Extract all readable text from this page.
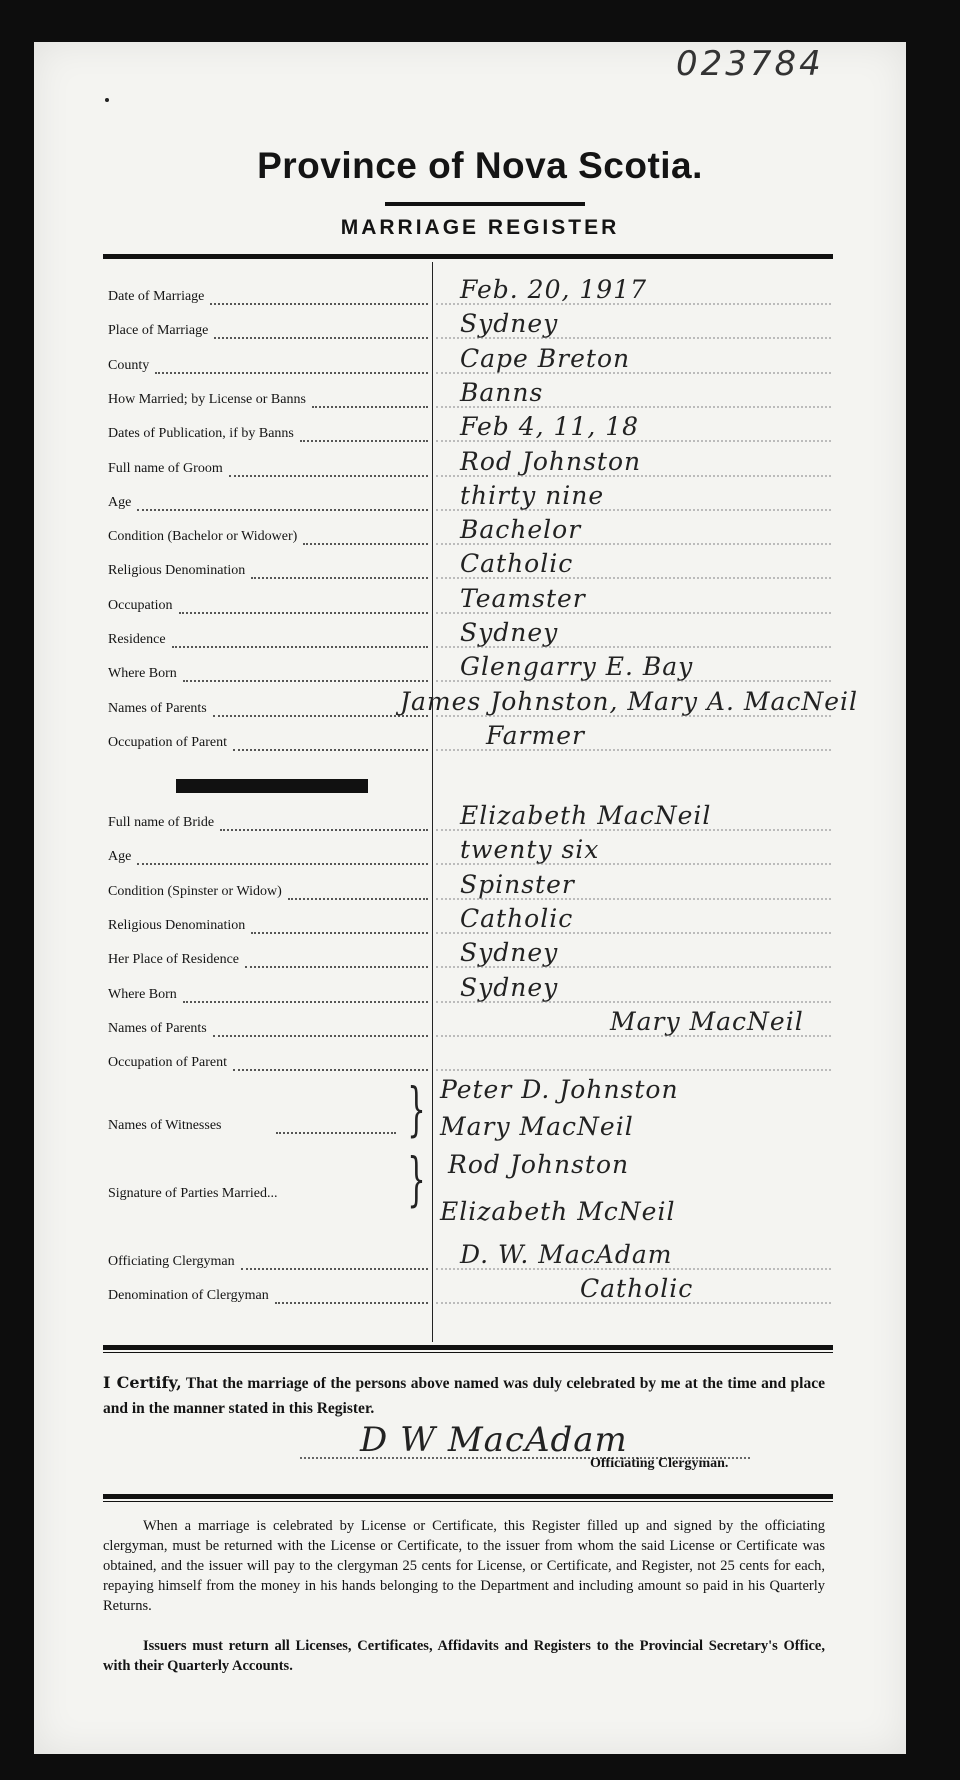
023784
Province of Nova Scotia.
MARRIAGE REGISTER
Date of Marriage	Feb. 20, 1917
Place of Marriage	Sydney
County	Cape Breton
How Married; by License or Banns	Banns
Dates of Publication, if by Banns	Feb 4, 11, 18
Full name of Groom	Rod Johnston
Age	thirty nine
Condition (Bachelor or Widower)	Bachelor
Religious Denomination	Catholic
Occupation	Teamster
Residence	Sydney
Where Born	Glengarry E. Bay
Names of Parents	James Johnston, Mary A. MacNeil
Occupation of Parent	Farmer
Full name of Bride	Elizabeth MacNeil
Age	twenty six
Condition (Spinster or Widow)	Spinster
Religious Denomination	Catholic
Her Place of Residence	Sydney
Where Born	Sydney
Names of Parents	Mary MacNeil
Occupation of Parent
Names of Witnesses	} Peter D. Johnston
Mary MacNeil
Signature of Parties Married... } Rod Johnston
Elizabeth McNeil
Officiating Clergyman	D. W. MacAdam
Denomination of Clergyman	Catholic
I Certify, That the marriage of the persons above named was duly celebrated by me at the time and place and in the manner stated in this Register.
D W MacAdam
Officiating Clergyman.
When a marriage is celebrated by License or Certificate, this Register filled up and signed by the officiating clergyman, must be returned with the License or Certificate, to the issuer from whom the said License or Certificate was obtained, and the issuer will pay to the clergyman 25 cents for License, or Certificate, and Register, not 25 cents for each, repaying himself from the money in his hands belonging to the Department and including amount so paid in his Quarterly Returns.
Issuers must return all Licenses, Certificates, Affidavits and Registers to the Provincial Secretary's Office, with their Quarterly Accounts.
